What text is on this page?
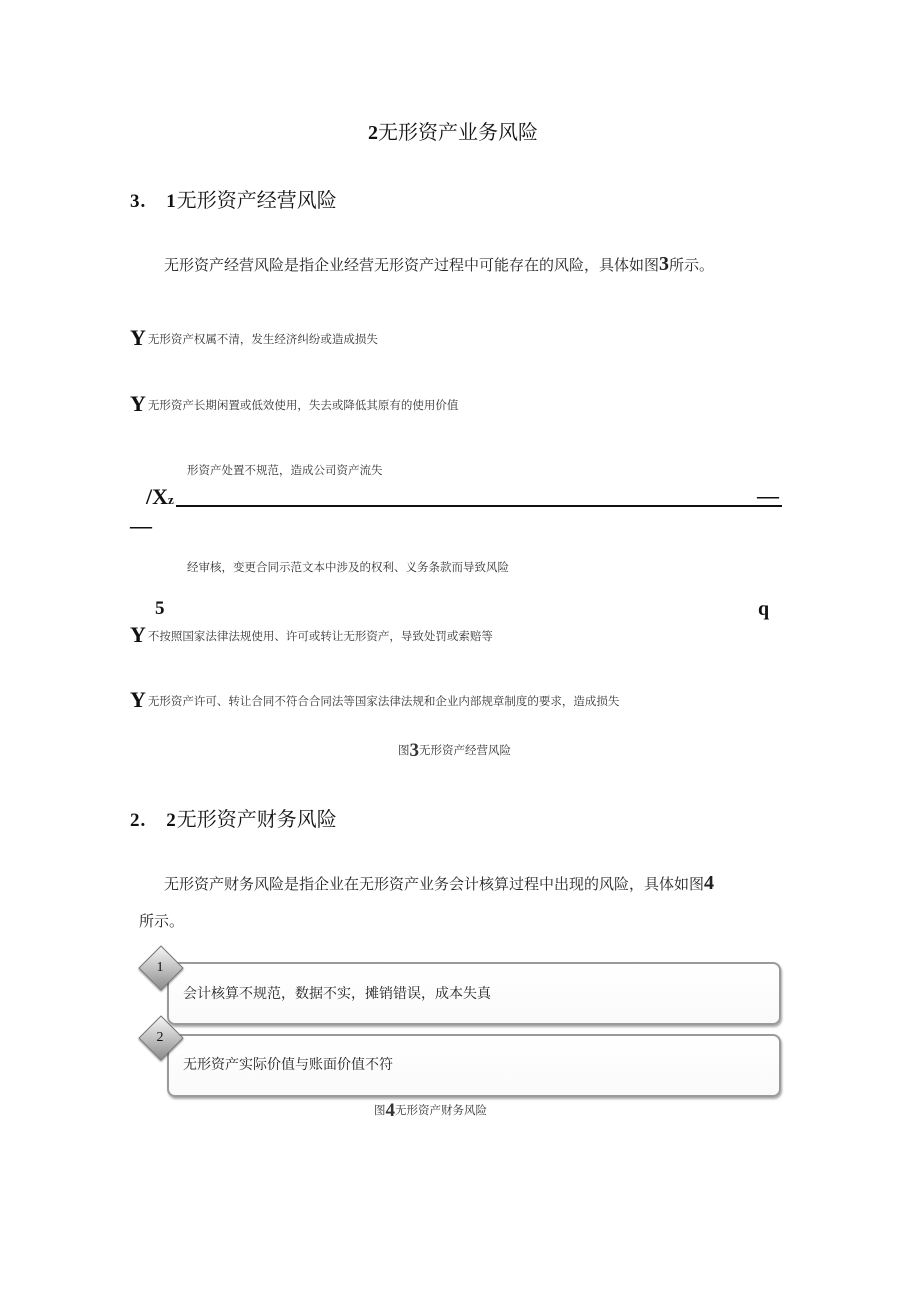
2无形资产业务风险
3.　1无形资产经营风险
无形资产经营风险是指企业经营无形资产过程中可能存在的风险，具体如图3所示。
Y无形资产权属不清，发生经济纠纷或造成损失
Y无形资产长期闲置或低效使用，失去或降低其原有的使用价值
形资产处置不规范，造成公司资产流失
/Xz	—
—
经审核，变更合同示范文本中涉及的权利、义务条款而导致风险
5	q
Y不按照国家法律法规使用、许可或转让无形资产，导致处罚或索赔等
Y无形资产许可、转让合同不符合合同法等国家法律法规和企业内部规章制度的要求，造成损失
图3无形资产经营风险
2.　2无形资产财务风险
无形资产财务风险是指企业在无形资产业务会计核算过程中出现的风险，具体如图4
所示。
会计核算不规范，数据不实，摊销错误，成本失真
1
无形资产实际价值与账面价值不符
2
图4无形资产财务风险
